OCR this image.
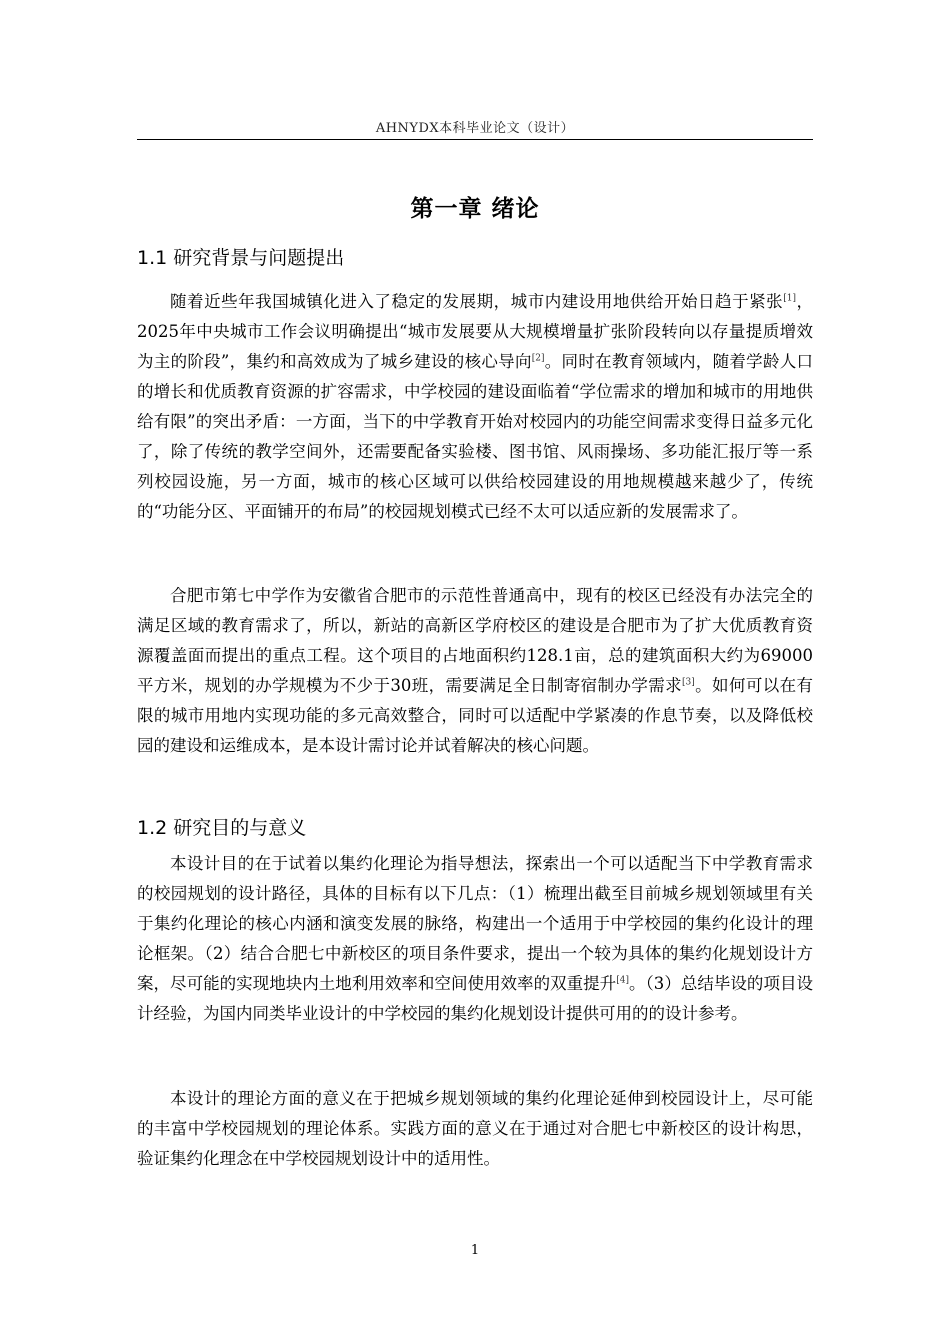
AHNYDX本科毕业论文（设计）
第一章 绪论
1.1 研究背景与问题提出

随着近些年我国城镇化进入了稳定的发展期，城市内建设用地供给开始日趋于紧张[1]，2025年中央城市工作会议明确提出“城市发展要从大规模增量扩张阶段转向以存量提质增效为主的阶段”，集约和高效成为了城乡建设的核心导向[2]。同时在教育领域内，随着学龄人口的增长和优质教育资源的扩容需求，中学校园的建设面临着“学位需求的增加和城市的用地供给有限”的突出矛盾：一方面，当下的中学教育开始对校园内的功能空间需求变得日益多元化了，除了传统的教学空间外，还需要配备实验楼、图书馆、风雨操场、多功能汇报厅等一系列校园设施，另一方面，城市的核心区域可以供给校园建设的用地规模越来越少了，传统的“功能分区、平面铺开的布局”的校园规划模式已经不太可以适应新的发展需求了。

合肥市第七中学作为安徽省合肥市的示范性普通高中，现有的校区已经没有办法完全的满足区域的教育需求了，所以，新站的高新区学府校区的建设是合肥市为了扩大优质教育资源覆盖面而提出的重点工程。这个项目的占地面积约128.1亩，总的建筑面积大约为69000平方米，规划的办学规模为不少于30班，需要满足全日制寄宿制办学需求[3]。如何可以在有限的城市用地内实现功能的多元高效整合，同时可以适配中学紧凑的作息节奏，以及降低校园的建设和运维成本，是本设计需讨论并试着解决的核心问题。

1.2 研究目的与意义

本设计目的在于试着以集约化理论为指导想法，探索出一个可以适配当下中学教育需求的校园规划的设计路径，具体的目标有以下几点：（1）梳理出截至目前城乡规划领域里有关于集约化理论的核心内涵和演变发展的脉络，构建出一个适用于中学校园的集约化设计的理论框架。（2）结合合肥七中新校区的项目条件要求，提出一个较为具体的集约化规划设计方案，尽可能的实现地块内土地利用效率和空间使用效率的双重提升[4]。（3）总结毕设的项目设计经验，为国内同类毕业设计的中学校园的集约化规划设计提供可用的的设计参考。

本设计的理论方面的意义在于把城乡规划领域的集约化理论延伸到校园设计上，尽可能的丰富中学校园规划的理论体系。实践方面的意义在于通过对合肥七中新校区的设计构思，验证集约化理念在中学校园规划设计中的适用性。

1
